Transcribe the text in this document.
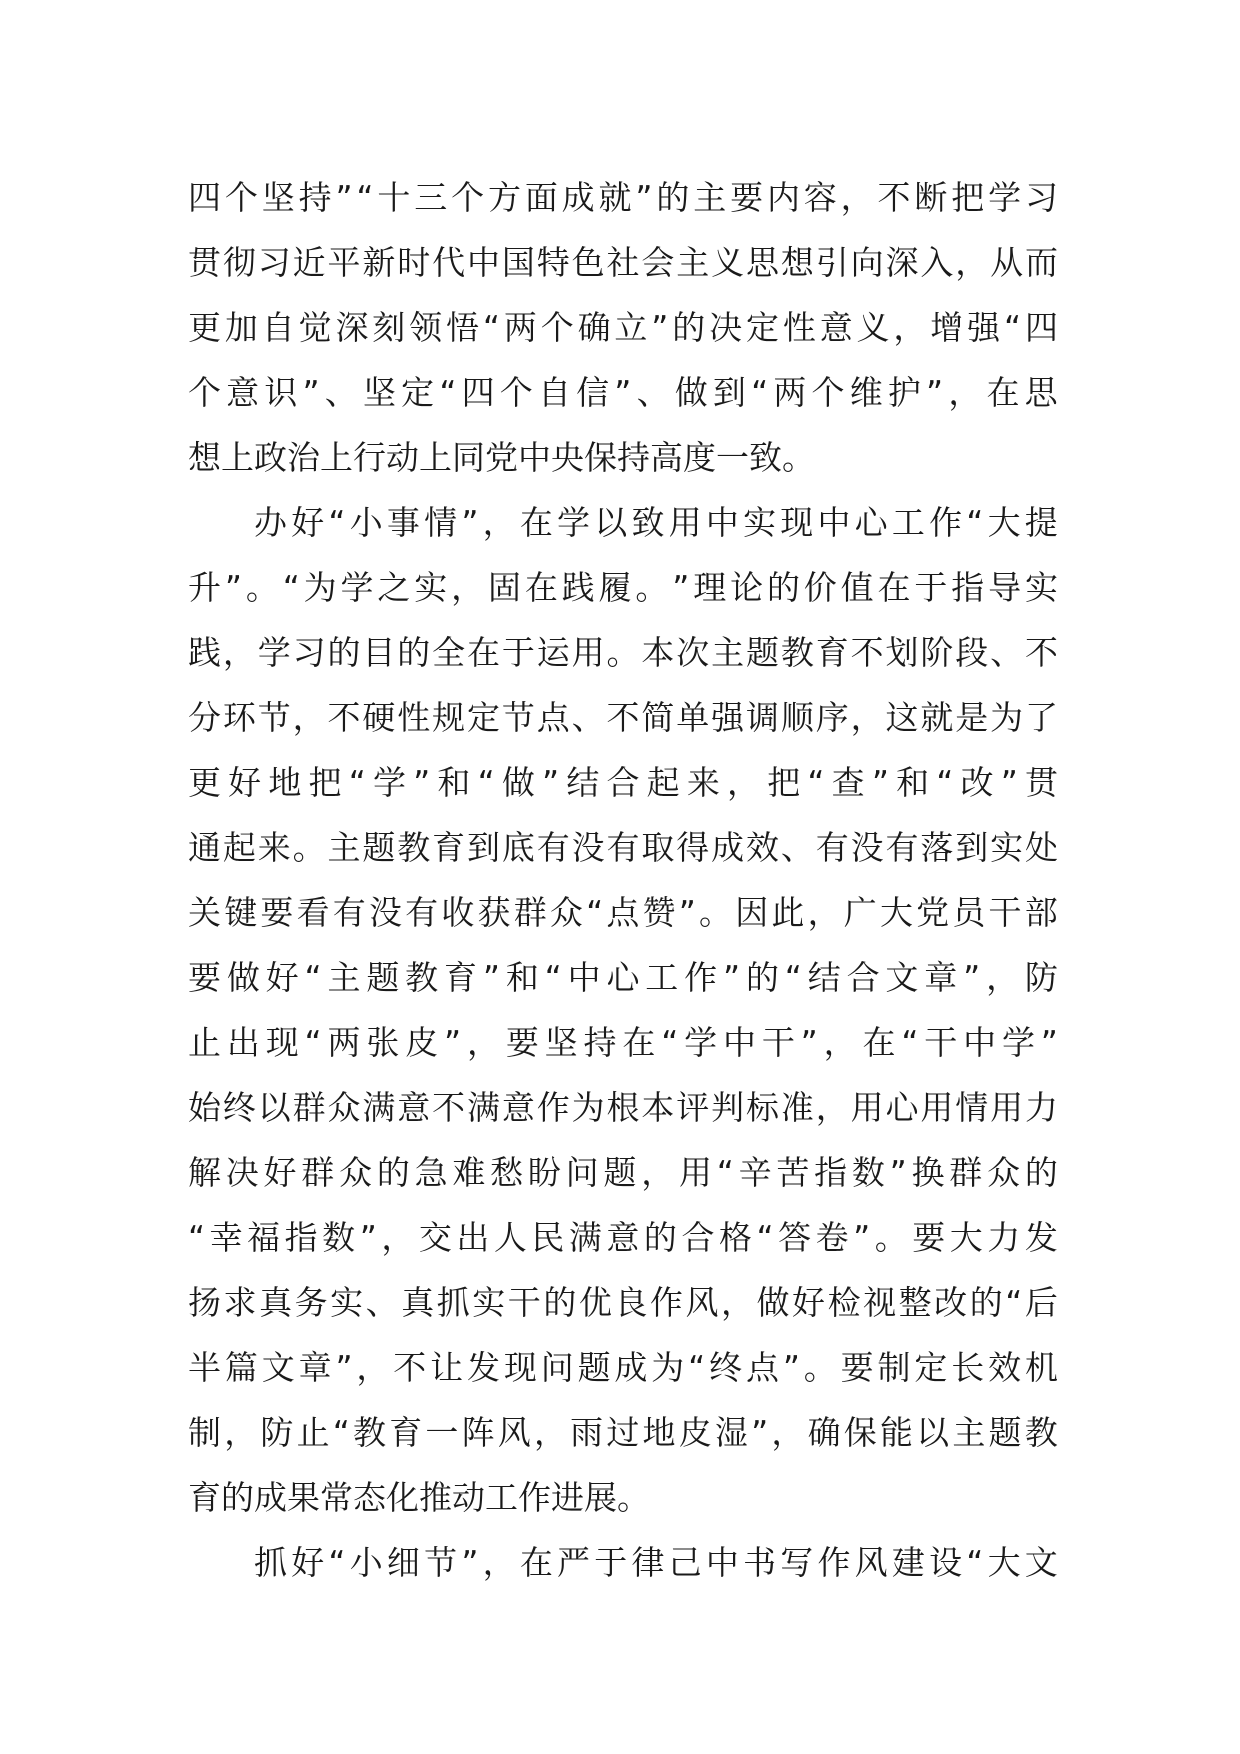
四 个 坚 持 ” “ 十 三 个 方 面 成 就 ” 的 主 要 内 容 ， 不 断 把 学 习
贯 彻 习 近 平 新 时 代 中 国 特 色 社 会 主 义 思 想 引 向 深 入 ， 从 而
更 加 自 觉 深 刻 领 悟 “ 两 个 确 立 ” 的 决 定 性 意 义 ， 增 强 “ 四
个 意 识 ” 、 坚 定 “ 四 个 自 信 ” 、 做 到 “ 两 个 维 护 ” ， 在 思
想上政治上行动上同党中央保持高度一致。
办 好 “ 小 事 情 ” ， 在 学 以 致 用 中 实 现 中 心 工 作 “ 大 提
升 ” 。 “ 为 学 之 实 ， 固 在 践 履 。 ” 理 论 的 价 值 在 于 指 导 实
践 ， 学 习 的 目 的 全 在 于 运 用 。 本 次 主 题 教 育 不 划 阶 段 、 不
分 环 节 ， 不 硬 性 规 定 节 点 、 不 简 单 强 调 顺 序 ， 这 就 是 为 了
更 好 地 把 “ 学 ” 和 “ 做 ” 结 合 起 来 ， 把 “ 查 ” 和 “ 改 ” 贯
通 起 来 。 主 题 教 育 到 底 有 没 有 取 得 成 效 、 有 没 有 落 到 实 处
关 键 要 看 有 没 有 收 获 群 众 “ 点 赞 ” 。 因 此 ， 广 大 党 员 干 部
要 做 好 “ 主 题 教 育 ” 和 “ 中 心 工 作 ” 的 “ 结 合 文 章 ” ， 防
止 出 现 “ 两 张 皮 ” ， 要 坚 持 在 “ 学 中 干 ” ， 在 “ 干 中 学 ”
始 终 以 群 众 满 意 不 满 意 作 为 根 本 评 判 标 准 ， 用 心 用 情 用 力
解 决 好 群 众 的 急 难 愁 盼 问 题 ， 用 “ 辛 苦 指 数 ” 换 群 众 的
“ 幸 福 指 数 ” ， 交 出 人 民 满 意 的 合 格 “ 答 卷 ” 。 要 大 力 发
扬 求 真 务 实 、 真 抓 实 干 的 优 良 作 风 ， 做 好 检 视 整 改 的 “ 后
半 篇 文 章 ” ， 不 让 发 现 问 题 成 为 “ 终 点 ” 。 要 制 定 长 效 机
制 ， 防 止 “ 教 育 一 阵 风 ， 雨 过 地 皮 湿 ” ， 确 保 能 以 主 题 教
育的成果常态化推动工作进展。
抓 好 “ 小 细 节 ” ， 在 严 于 律 己 中 书 写 作 风 建 设 “ 大 文
